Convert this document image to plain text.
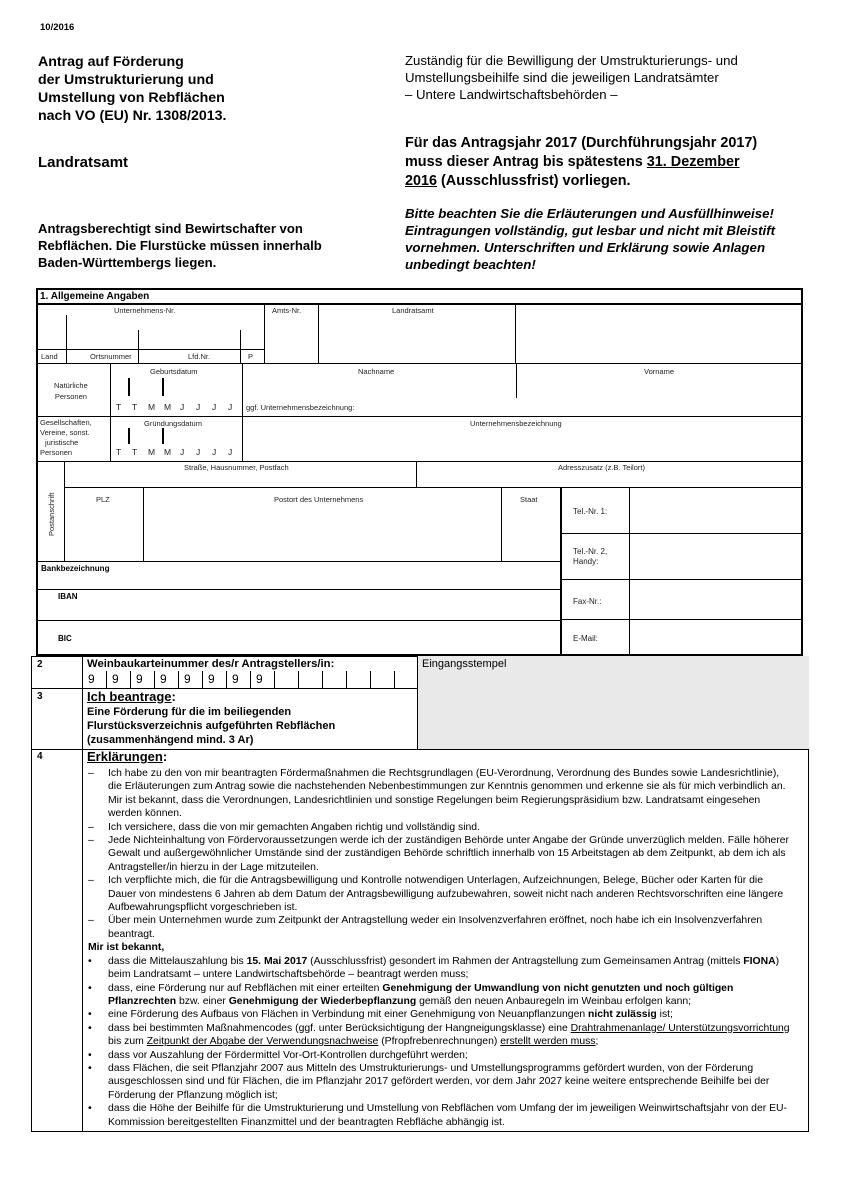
10/2016
Antrag auf Förderung
der Umstrukturierung und
Umstellung von Rebflächen
nach VO (EU) Nr. 1308/2013.
Landratsamt
Antragsberechtigt sind Bewirtschafter von
Rebflächen. Die Flurstücke müssen innerhalb
Baden-Württembergs liegen.
Zuständig für die Bewilligung der Umstrukturierungs- und
Umstellungsbeihilfe sind die jeweiligen Landratsämter
– Untere Landwirtschaftsbehörden –
Für das Antragsjahr 2017 (Durchführungsjahr 2017)
muss dieser Antrag bis spätestens 31. Dezember
2016 (Ausschlussfrist) vorliegen.
Bitte beachten Sie die Erläuterungen und Ausfüllhinweise!
Eintragungen vollständig, gut lesbar und nicht mit Bleistift
vornehmen. Unterschriften und Erklärung sowie Anlagen
unbedingt beachten!
1. Allgemeine Angaben
Unternehmens-Nr.	Amts-Nr.	Landratsamt
Land	Ortsnummer	Lfd.Nr.	P
Natürliche
Personen
Geburtsdatum	Nachname	Vorname
T T M M J J J J	ggf. Unternehmensbezeichnung:
Gesellschaften,
Vereine, sonst.
juristische
Personen
Gründungsdatum	Unternehmensbezeichnung
T T M M J J J J
Postanschrift
Straße, Hausnummer, Postfach	Adresszusatz (z.B. Teilort)
PLZ	Postort des Unternehmens	Staat
Tel.-Nr. 1:
Tel.-Nr. 2,
Handy:
Fax-Nr.:
E-Mail:
Bankbezeichnung
IBAN
BIC
Eingangsstempel
2	Weinbaukarteinummer des/r Antragstellers/in:
9 9 9 9 9 9 9 9
3	Ich beantrage:
Eine Förderung für die im beiliegenden
Flurstücksverzeichnis aufgeführten Rebflächen
(zusammenhängend mind. 3 Ar)
4	Erklärungen:
– Ich habe zu den von mir beantragten Fördermaßnahmen die Rechtsgrundlagen (EU-Verordnung, Verordnung des Bundes sowie Landesrichtlinie), die Erläuterungen zum Antrag sowie die nachstehenden Nebenbestimmungen zur Kenntnis genommen und erkenne sie als für mich verbindlich an. Mir ist bekannt, dass die Verordnungen, Landesrichtlinien und sonstige Regelungen beim Regierungspräsidium bzw. Landratsamt eingesehen werden können.
– Ich versichere, dass die von mir gemachten Angaben richtig und vollständig sind.
– Jede Nichteinhaltung von Fördervoraussetzungen werde ich der zuständigen Behörde unter Angabe der Gründe unverzüglich melden. Fälle höherer Gewalt und außergewöhnlicher Umstände sind der zuständigen Behörde schriftlich innerhalb von 15 Arbeitstagen ab dem Zeitpunkt, ab dem ich als Antragsteller/in hierzu in der Lage mitzuteilen.
– Ich verpflichte mich, die für die Antragsbewilligung und Kontrolle notwendigen Unterlagen, Aufzeichnungen, Belege, Bücher oder Karten für die Dauer von mindestens 6 Jahren ab dem Datum der Antragsbewilligung aufzubewahren, soweit nicht nach anderen Rechtsvorschriften eine längere Aufbewahrungspflicht vorgeschrieben ist.
– Über mein Unternehmen wurde zum Zeitpunkt der Antragstellung weder ein Insolvenzverfahren eröffnet, noch habe ich ein Insolvenzverfahren beantragt.
Mir ist bekannt,
• dass die Mittelauszahlung bis 15. Mai 2017 (Ausschlussfrist) gesondert im Rahmen der Antragstellung zum Gemeinsamen Antrag (mittels FIONA) beim Landratsamt – untere Landwirtschaftsbehörde – beantragt werden muss;
• dass, eine Förderung nur auf Rebflächen mit einer erteilten Genehmigung der Umwandlung von nicht genutzten und noch gültigen Pflanzrechten bzw. einer Genehmigung der Wiederbepflanzung gemäß den neuen Anbauregeln im Weinbau erfolgen kann;
• eine Förderung des Aufbaus von Flächen in Verbindung mit einer Genehmigung von Neuanpflanzungen nicht zulässig ist;
• dass bei bestimmten Maßnahmencodes (ggf. unter Berücksichtigung der Hangneigungsklasse) eine Drahtrahmenanlage/ Unterstützungsvorrichtung bis zum Zeitpunkt der Abgabe der Verwendungsnachweise (Pfropfrebenrechnungen) erstellt werden muss;
• dass vor Auszahlung der Fördermittel Vor-Ort-Kontrollen durchgeführt werden;
• dass Flächen, die seit Pflanzjahr 2007 aus Mitteln des Umstrukturierungs- und Umstellungsprogramms gefördert wurden, von der Förderung ausgeschlossen sind und für Flächen, die im Pflanzjahr 2017 gefördert werden, vor dem Jahr 2027 keine weitere entsprechende Beihilfe bei der Förderung der Pflanzung möglich ist;
• dass die Höhe der Beihilfe für die Umstrukturierung und Umstellung von Rebflächen vom Umfang der im jeweiligen Weinwirtschaftsjahr von der EU-Kommission bereitgestellten Finanzmittel und der beantragten Rebfläche abhängig ist.
